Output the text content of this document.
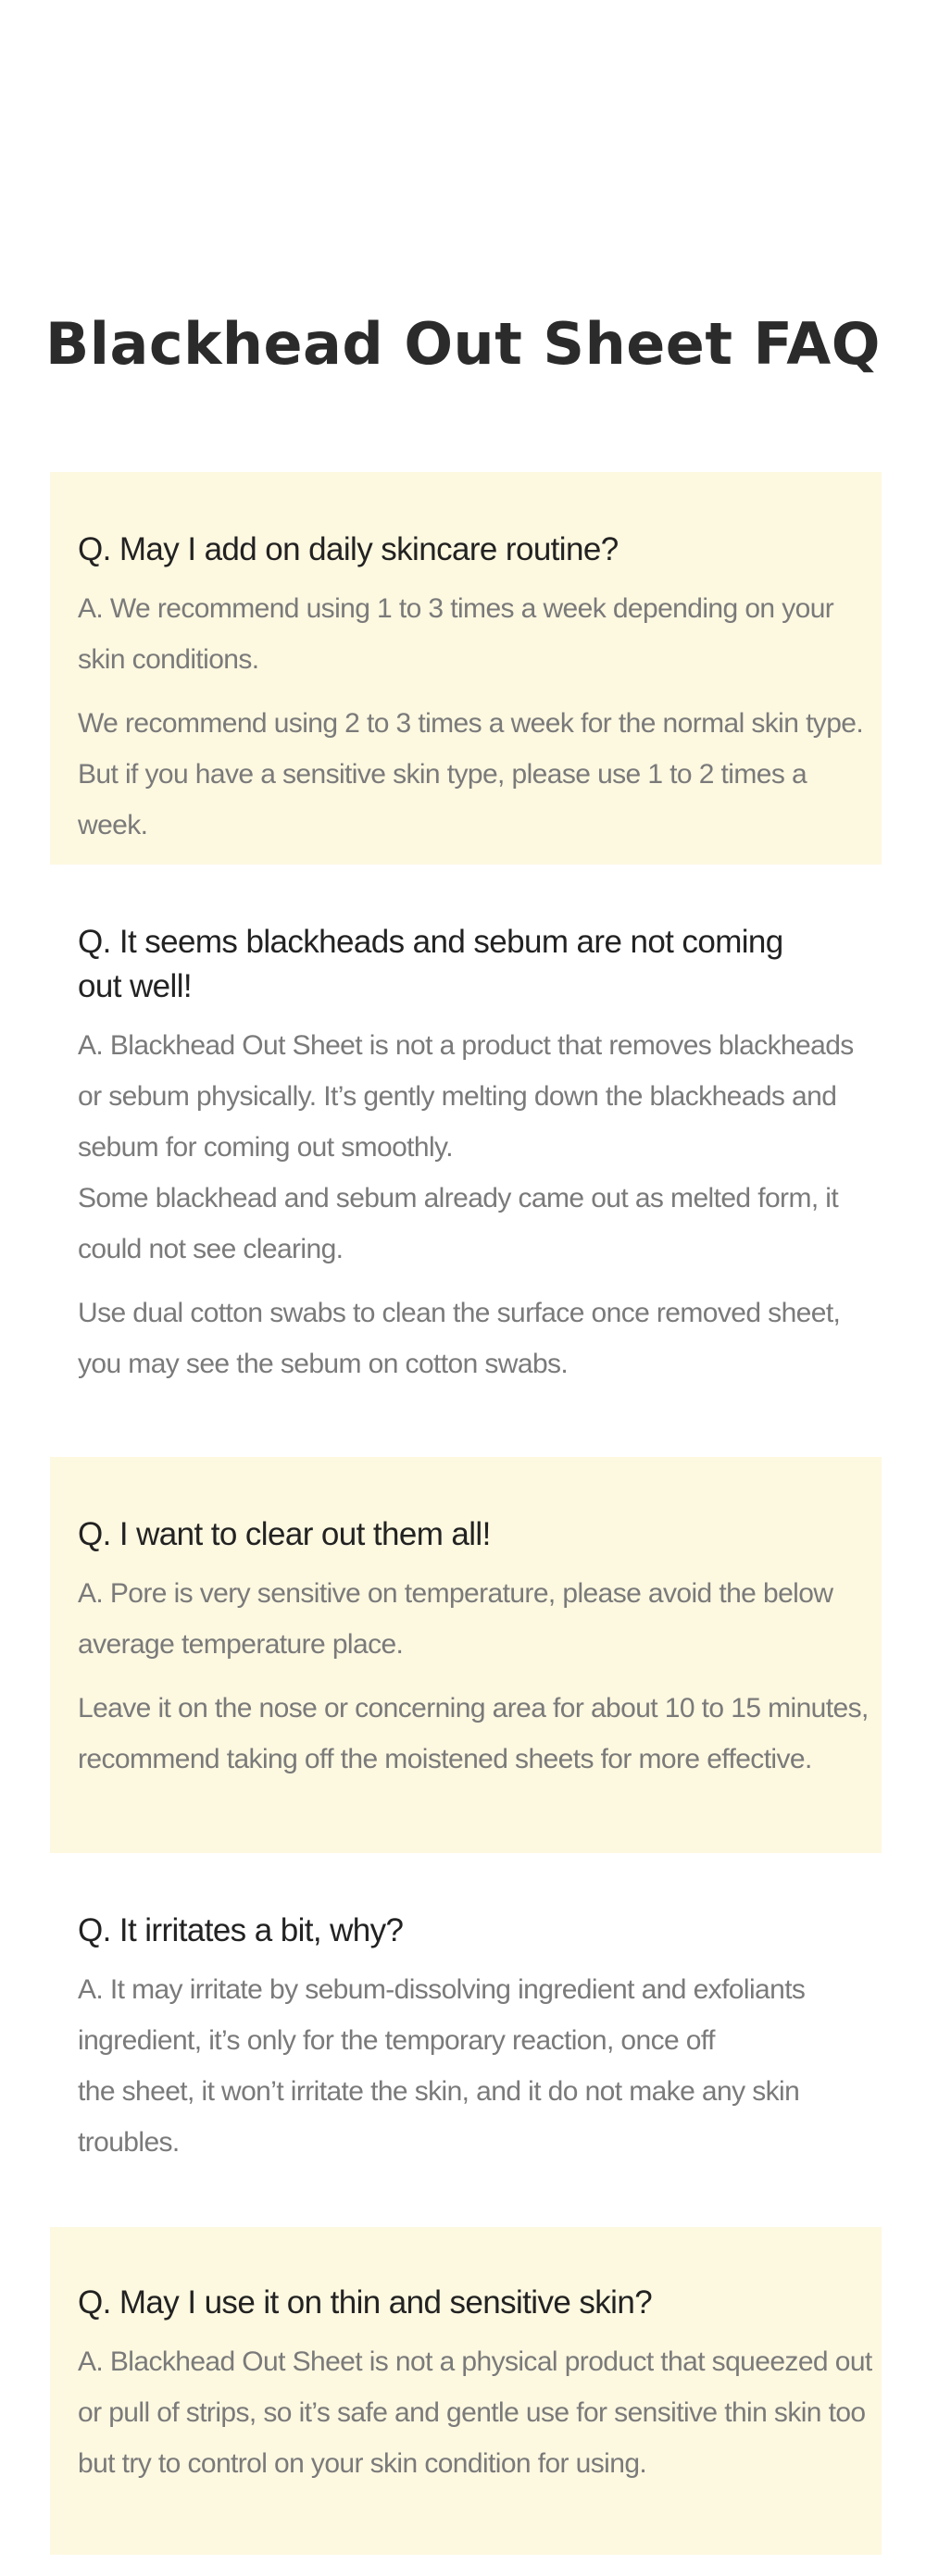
Blackhead Out Sheet FAQ
Q. May I add on daily skincare routine?

A. We recommend using 1 to 3 times a week depending on your skin conditions.

We recommend using 2 to 3 times a week for the normal skin type. But if you have a sensitive skin type, please use 1 to 2 times a week.

Q. It seems blackheads and sebum are not coming out well!

A. Blackhead Out Sheet is not a product that removes blackheads or sebum physically. It’s gently melting down the blackheads and sebum for coming out smoothly.

Some blackhead and sebum already came out as melted form, it could not see clearing.

Use dual cotton swabs to clean the surface once removed sheet, you may see the sebum on cotton swabs.

Q. I want to clear out them all!

A. Pore is very sensitive on temperature, please avoid the below average temperature place.

Leave it on the nose or concerning area for about 10 to 15 minutes, recommend taking off the moistened sheets for more effective.

Q. It irritates a bit, why?

A. It may irritate by sebum-dissolving ingredient and exfoliants ingredient, it’s only for the temporary reaction, once off

the sheet, it won’t irritate the skin, and it do not make any skin troubles.

Q. May I use it on thin and sensitive skin?

A. Blackhead Out Sheet is not a physical product that squeezed out or pull of strips, so it’s safe and gentle use for sensitive thin skin too but try to control on your skin condition for using.
